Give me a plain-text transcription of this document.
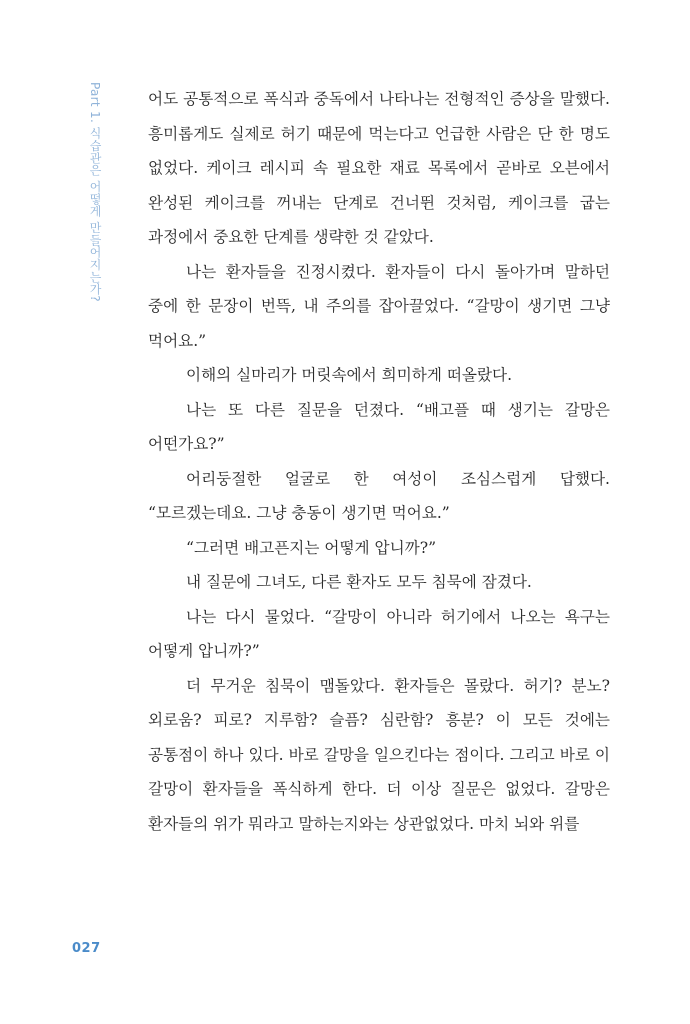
Part 1. 식습관은 어떻게 만들어지는가?	어도 공통적으로 폭식과 중독에서 나타나는 전형적인 증상을 말했다. 흥미롭게도 실제로 허기 때문에 먹는다고 언급한 사람은 단 한 명도 없었다. 케이크 레시피 속 필요한 재료 목록에서 곧바로 오븐에서 완성된 케이크를 꺼내는 단계로 건너뛴 것처럼, 케이크를 굽는 과정에서 중요한 단계를 생략한 것 같았다.

나는 환자들을 진정시켰다. 환자들이 다시 돌아가며 말하던 중에 한 문장이 번뜩, 내 주의를 잡아끌었다. “갈망이 생기면 그냥 먹어요.”

이해의 실마리가 머릿속에서 희미하게 떠올랐다.

나는 또 다른 질문을 던졌다. “배고플 때 생기는 갈망은 어떤가요?”

어리둥절한 얼굴로 한 여성이 조심스럽게 답했다. “모르겠는데요. 그냥 충동이 생기면 먹어요.”

“그러면 배고픈지는 어떻게 압니까?”

내 질문에 그녀도, 다른 환자도 모두 침묵에 잠겼다.

나는 다시 물었다. “갈망이 아니라 허기에서 나오는 욕구는 어떻게 압니까?”

더 무거운 침묵이 맴돌았다. 환자들은 몰랐다. 허기? 분노? 외로움? 피로? 지루함? 슬픔? 심란함? 흥분? 이 모든 것에는 공통점이 하나 있다. 바로 갈망을 일으킨다는 점이다. 그리고 바로 이 갈망이 환자들을 폭식하게 한다. 더 이상 질문은 없었다. 갈망은 환자들의 위가 뭐라고 말하는지와는 상관없었다. 마치 뇌와 위를

027
